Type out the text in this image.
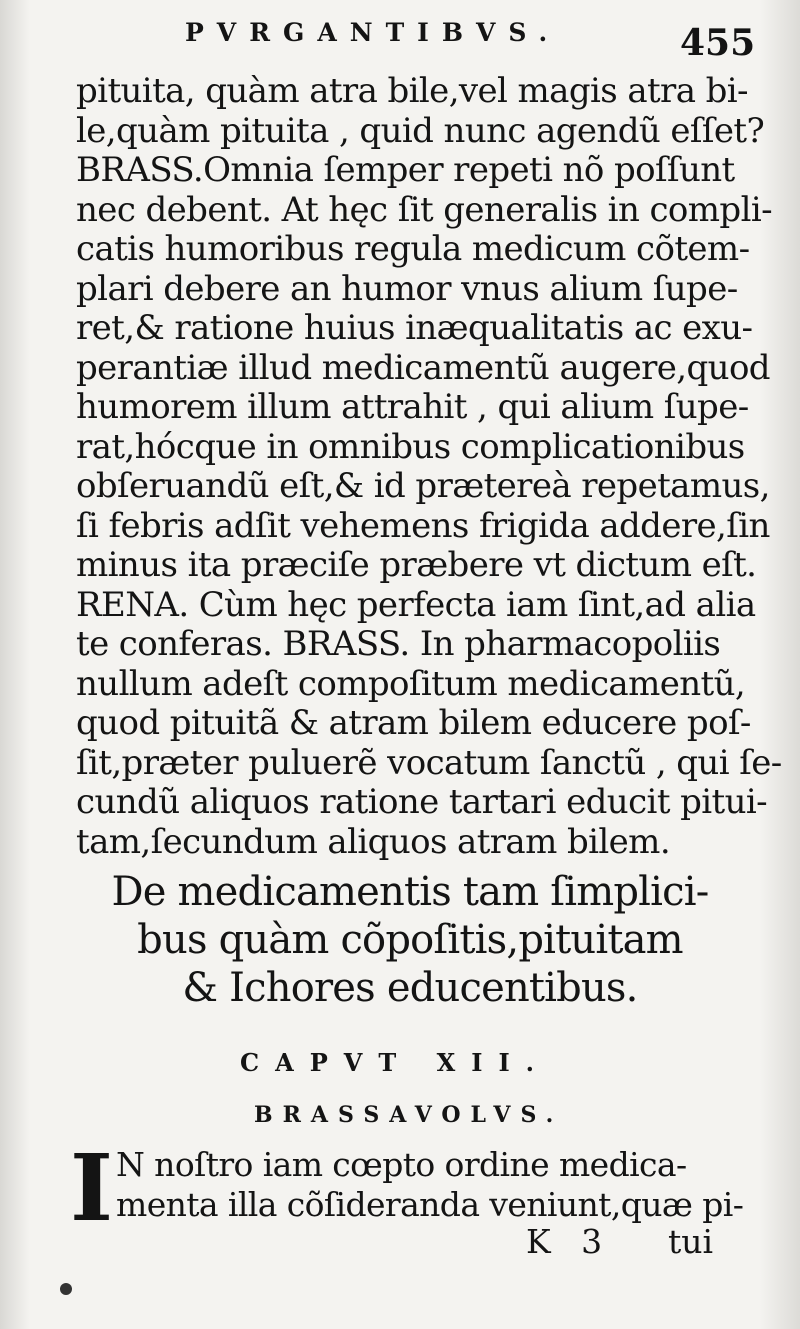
PVRGANTIBVS.	455
pituita, quàm atra bile,vel magis atra bi-
le,quàm pituita , quid nunc agendũ eſſet?
BRASS.Omnia ſemper repeti nõ poſſunt
nec debent. At hęc ſit generalis in compli-
catis humoribus regula medicum cõtem-
plari debere an humor vnus alium ſupe-
ret,& ratione huius inæqualitatis ac exu-
perantiæ illud medicamentũ augere,quod
humorem illum attrahit , qui alium ſupe-
rat,hócque in omnibus complicationibus
obſeruandũ eſt,& id prætereà repetamus,
ſi febris adſit vehemens frigida addere,ſin
minus ita præciſe præbere vt dictum eſt.
RENA. Cùm hęc perfecta iam ſint,ad alia
te conferas. BRASS. In pharmacopoliis
nullum adeſt compoſitum medicamentũ,
quod pituitã & atram bilem educere poſ-
ſit,præter puluerẽ vocatum ſanctũ , qui ſe-
cundũ aliquos ratione tartari educit pitui-
tam,ſecundum aliquos atram bilem.
De medicamentis tam ſimplici-
bus quàm cõpoſitis,pituitam
& Ichores educentibus.
CAPVT XII.
BRASSAVOLVS.
I N noſtro iam cœpto ordine medica-
menta illa cõſideranda veniunt,quæ pi-
K 3 tui
